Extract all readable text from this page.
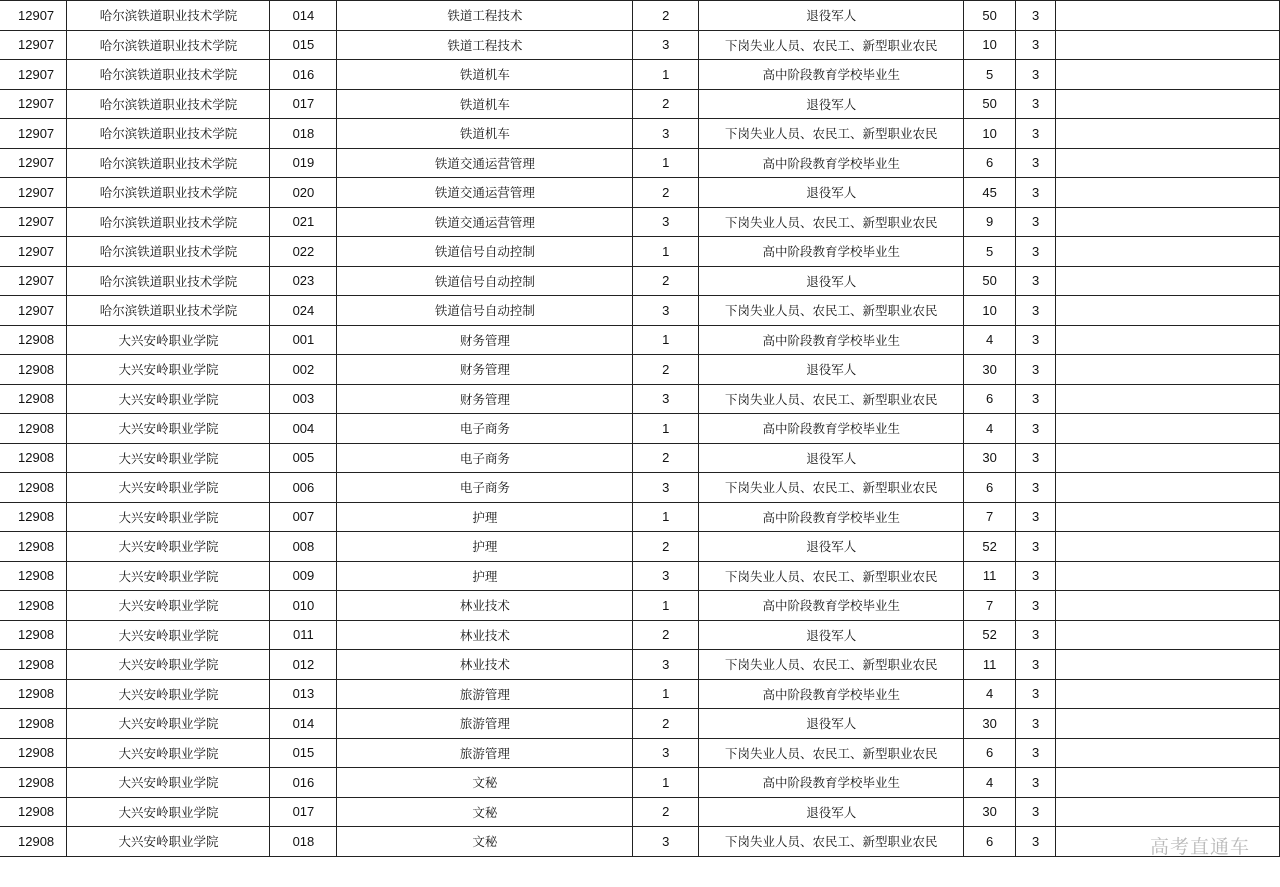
12907	哈尔滨铁道职业技术学院	014	铁道工程技术	2	退役军人	50	3	
12907	哈尔滨铁道职业技术学院	015	铁道工程技术	3	下岗失业人员、农民工、新型职业农民	10	3	
12907	哈尔滨铁道职业技术学院	016	铁道机车	1	高中阶段教育学校毕业生	5	3	
12907	哈尔滨铁道职业技术学院	017	铁道机车	2	退役军人	50	3	
12907	哈尔滨铁道职业技术学院	018	铁道机车	3	下岗失业人员、农民工、新型职业农民	10	3	
12907	哈尔滨铁道职业技术学院	019	铁道交通运营管理	1	高中阶段教育学校毕业生	6	3	
12907	哈尔滨铁道职业技术学院	020	铁道交通运营管理	2	退役军人	45	3	
12907	哈尔滨铁道职业技术学院	021	铁道交通运营管理	3	下岗失业人员、农民工、新型职业农民	9	3	
12907	哈尔滨铁道职业技术学院	022	铁道信号自动控制	1	高中阶段教育学校毕业生	5	3	
12907	哈尔滨铁道职业技术学院	023	铁道信号自动控制	2	退役军人	50	3	
12907	哈尔滨铁道职业技术学院	024	铁道信号自动控制	3	下岗失业人员、农民工、新型职业农民	10	3	
12908	大兴安岭职业学院	001	财务管理	1	高中阶段教育学校毕业生	4	3	
12908	大兴安岭职业学院	002	财务管理	2	退役军人	30	3	
12908	大兴安岭职业学院	003	财务管理	3	下岗失业人员、农民工、新型职业农民	6	3	
12908	大兴安岭职业学院	004	电子商务	1	高中阶段教育学校毕业生	4	3	
12908	大兴安岭职业学院	005	电子商务	2	退役军人	30	3	
12908	大兴安岭职业学院	006	电子商务	3	下岗失业人员、农民工、新型职业农民	6	3	
12908	大兴安岭职业学院	007	护理	1	高中阶段教育学校毕业生	7	3	
12908	大兴安岭职业学院	008	护理	2	退役军人	52	3	
12908	大兴安岭职业学院	009	护理	3	下岗失业人员、农民工、新型职业农民	11	3	
12908	大兴安岭职业学院	010	林业技术	1	高中阶段教育学校毕业生	7	3	
12908	大兴安岭职业学院	011	林业技术	2	退役军人	52	3	
12908	大兴安岭职业学院	012	林业技术	3	下岗失业人员、农民工、新型职业农民	11	3	
12908	大兴安岭职业学院	013	旅游管理	1	高中阶段教育学校毕业生	4	3	
12908	大兴安岭职业学院	014	旅游管理	2	退役军人	30	3	
12908	大兴安岭职业学院	015	旅游管理	3	下岗失业人员、农民工、新型职业农民	6	3	
12908	大兴安岭职业学院	016	文秘	1	高中阶段教育学校毕业生	4	3	
12908	大兴安岭职业学院	017	文秘	2	退役军人	30	3	
12908	大兴安岭职业学院	018	文秘	3	下岗失业人员、农民工、新型职业农民	6	3		高考直通车
